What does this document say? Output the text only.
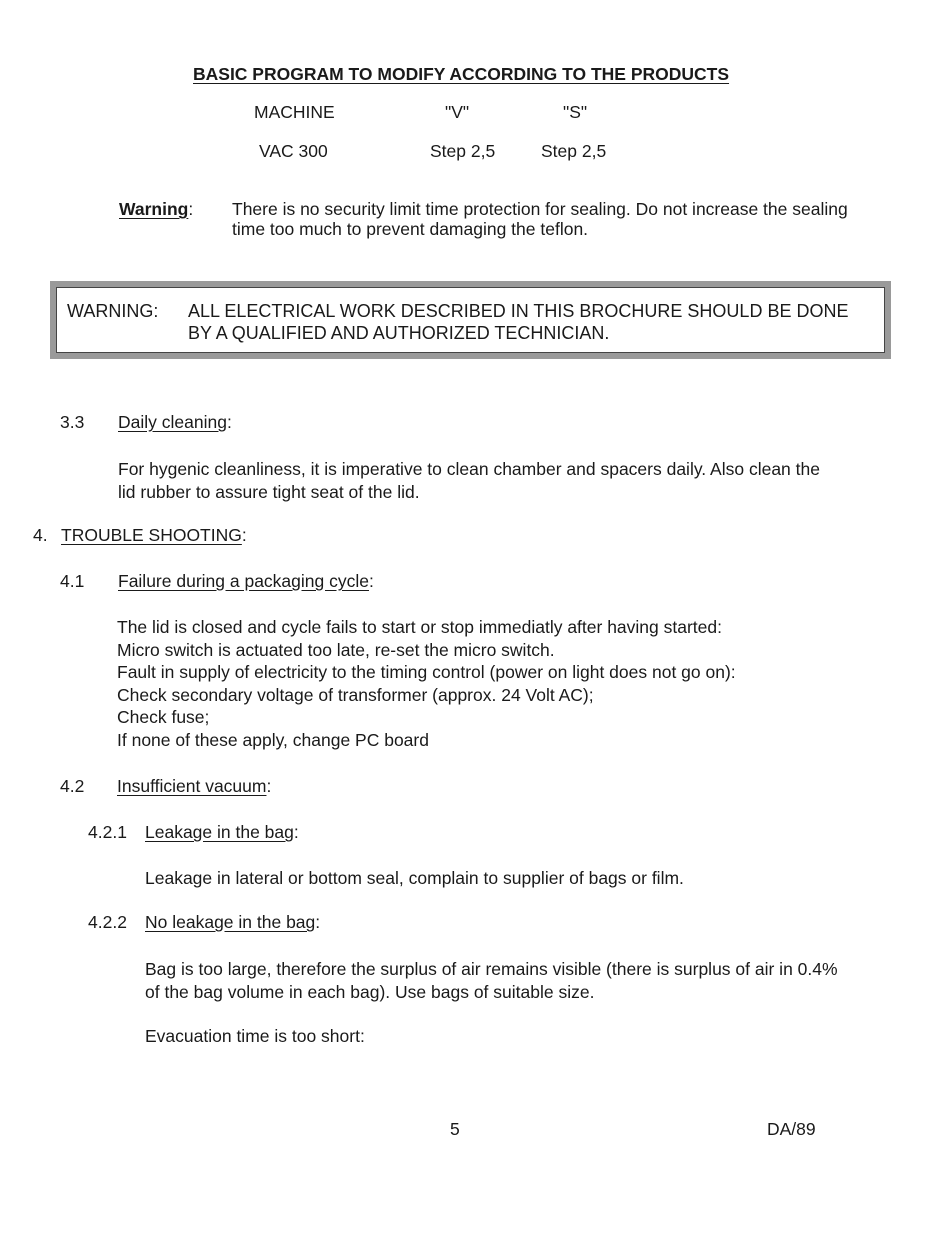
BASIC PROGRAM TO MODIFY ACCORDING TO THE PRODUCTS
MACHINE	"V"	"S"
VAC 300	Step 2,5	Step 2,5
Warning: There is no security limit time protection for sealing. Do not increase the sealing
time too much to prevent damaging the teflon.
WARNING: ALL ELECTRICAL WORK DESCRIBED IN THIS BROCHURE SHOULD BE DONE
BY A QUALIFIED AND AUTHORIZED TECHNICIAN.
3.3 Daily cleaning:
For hygenic cleanliness, it is imperative to clean chamber and spacers daily. Also clean the
lid rubber to assure tight seat of the lid.
4. TROUBLE SHOOTING:
4.1 Failure during a packaging cycle:
The lid is closed and cycle fails to start or stop immediatly after having started:
Micro switch is actuated too late, re-set the micro switch.
Fault in supply of electricity to the timing control (power on light does not go on):
Check secondary voltage of transformer (approx. 24 Volt AC);
Check fuse;
If none of these apply, change PC board
4.2 Insufficient vacuum:
4.2.1 Leakage in the bag:
Leakage in lateral or bottom seal, complain to supplier of bags or film.
4.2.2 No leakage in the bag:
Bag is too large, therefore the surplus of air remains visible (there is surplus of air in 0.4%
of the bag volume in each bag). Use bags of suitable size.
Evacuation time is too short:
5	DA/89
